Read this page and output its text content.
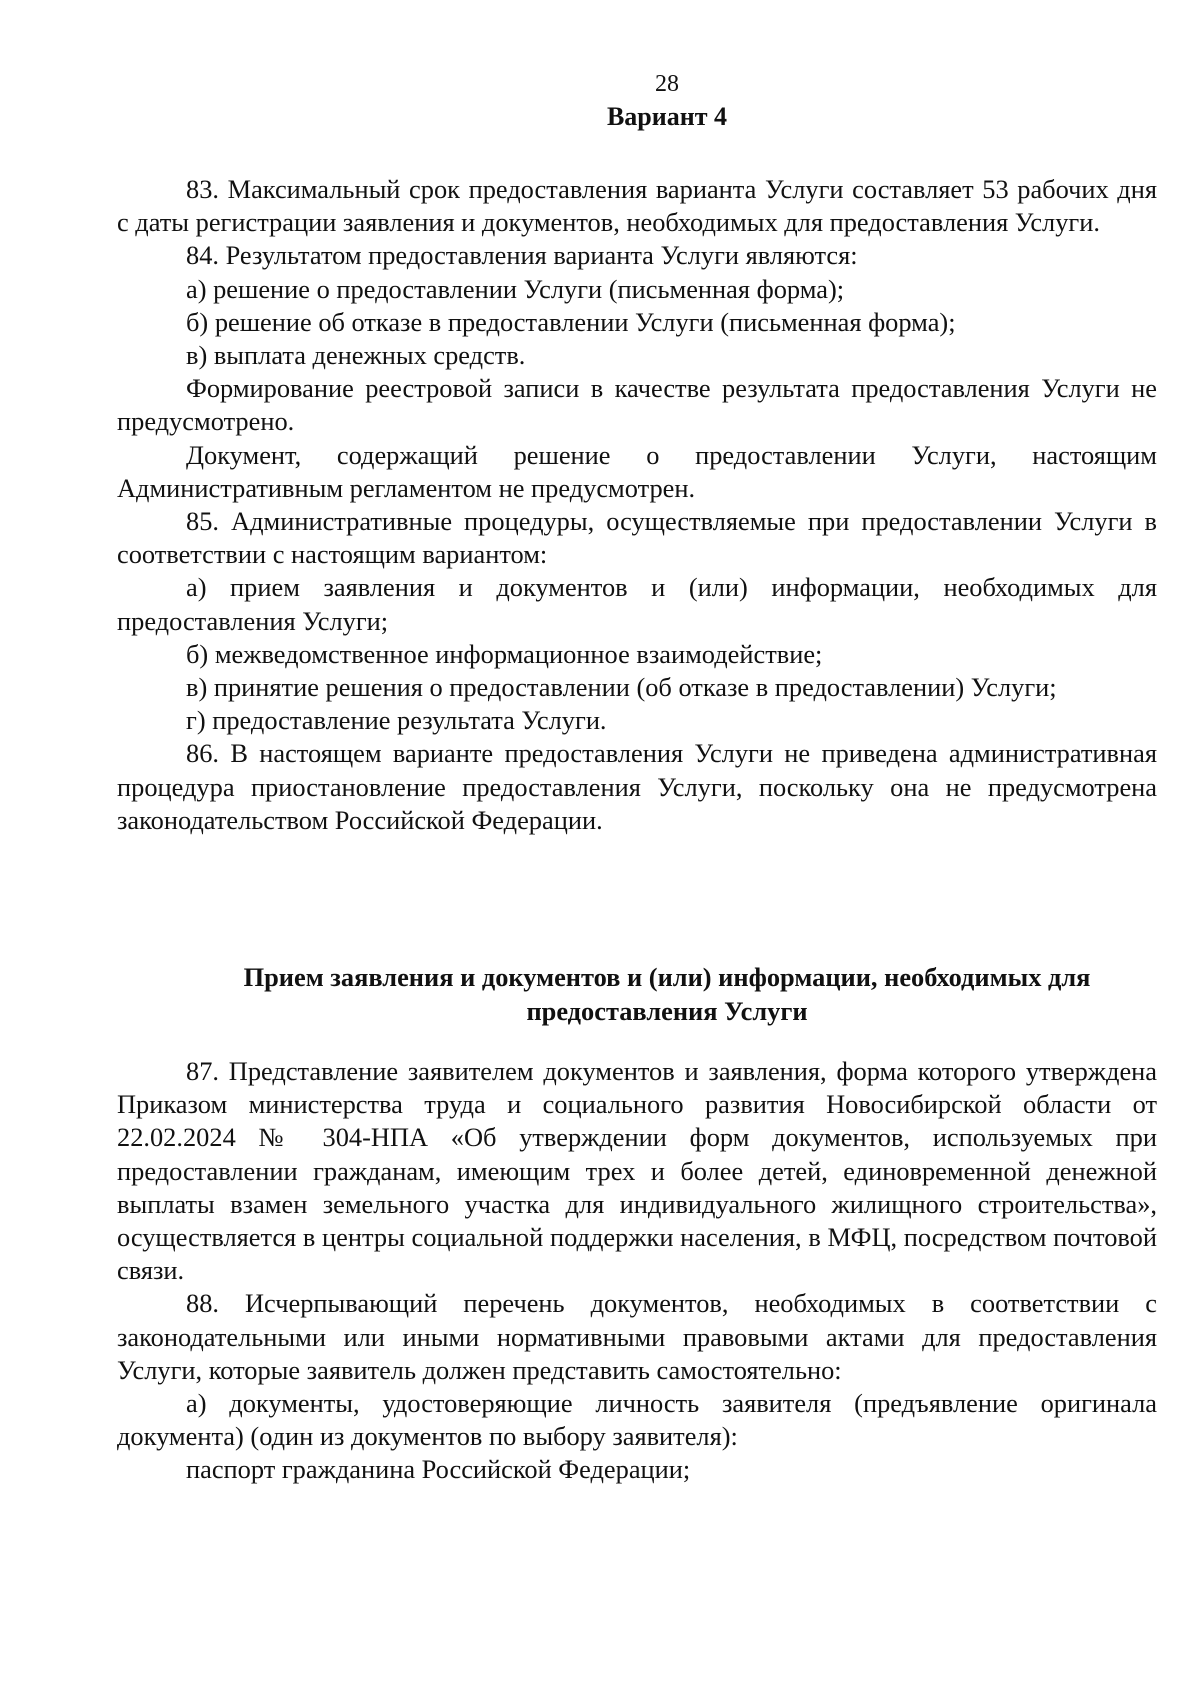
28
Вариант 4

83. Максимальный срок предоставления варианта Услуги составляет 53 рабочих дня с даты регистрации заявления и документов, необходимых для предоставления Услуги.

84. Результатом предоставления варианта Услуги являются:

а) решение о предоставлении Услуги (письменная форма);

б) решение об отказе в предоставлении Услуги (письменная форма);

в) выплата денежных средств.

Формирование реестровой записи в качестве результата предоставления Услуги не предусмотрено.

Документ, содержащий решение о предоставлении Услуги, настоящим Административным регламентом не предусмотрен.

85. Административные процедуры, осуществляемые при предоставлении Услуги в соответствии с настоящим вариантом:

а) прием заявления и документов и (или) информации, необходимых для предоставления Услуги;

б) межведомственное информационное взаимодействие;

в) принятие решения о предоставлении (об отказе в предоставлении) Услуги;

г) предоставление результата Услуги.

86. В настоящем варианте предоставления Услуги не приведена административная процедура приостановление предоставления Услуги, поскольку она не предусмотрена законодательством Российской Федерации.

Прием заявления и документов и (или) информации, необходимых для
предоставления Услуги

87. Представление заявителем документов и заявления, форма которого утверждена Приказом министерства труда и социального развития Новосибирской области от 22.02.2024 № 304-НПА «Об утверждении форм документов, используемых при предоставлении гражданам, имеющим трех и более детей, единовременной денежной выплаты взамен земельного участка для индивидуального жилищного строительства», осуществляется в центры социальной поддержки населения, в МФЦ, посредством почтовой связи.

88. Исчерпывающий перечень документов, необходимых в соответствии с законодательными или иными нормативными правовыми актами для предоставления Услуги, которые заявитель должен представить самостоятельно:

а) документы, удостоверяющие личность заявителя (предъявление оригинала документа) (один из документов по выбору заявителя):

паспорт гражданина Российской Федерации;
